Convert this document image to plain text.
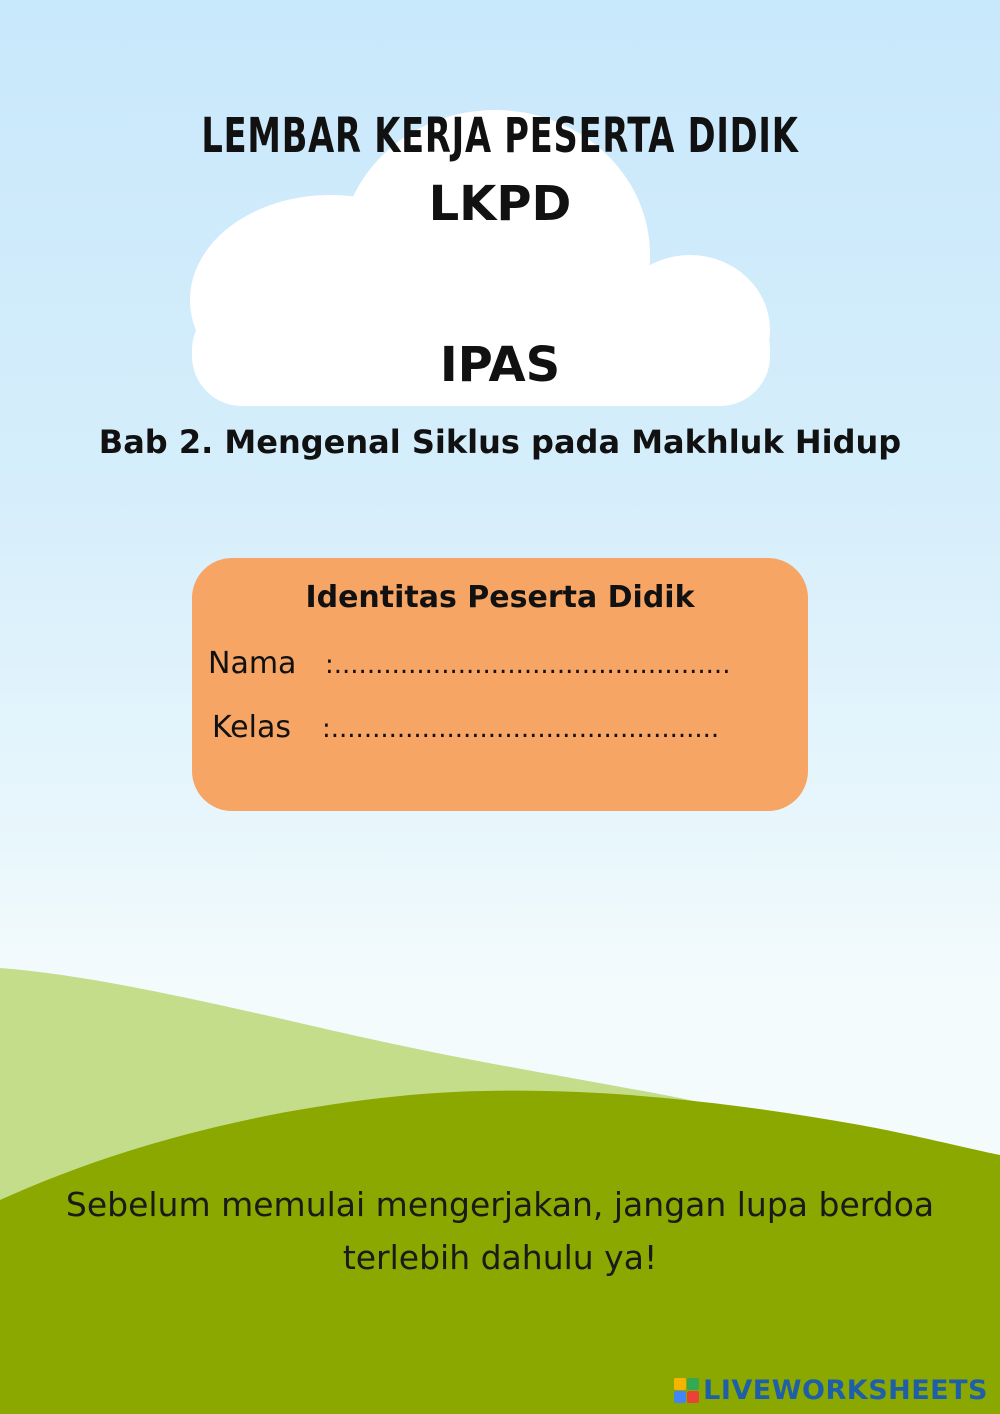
LEMBAR KERJA PESERTA DIDIK
LKPD
IPAS
Bab 2. Mengenal Siklus pada Makhluk Hidup
Identitas Peserta Didik
Nama :................................................
Kelas :...............................................
Sebelum memulai mengerjakan, jangan lupa berdoa
terlebih dahulu ya!
LIVEWORKSHEETS
